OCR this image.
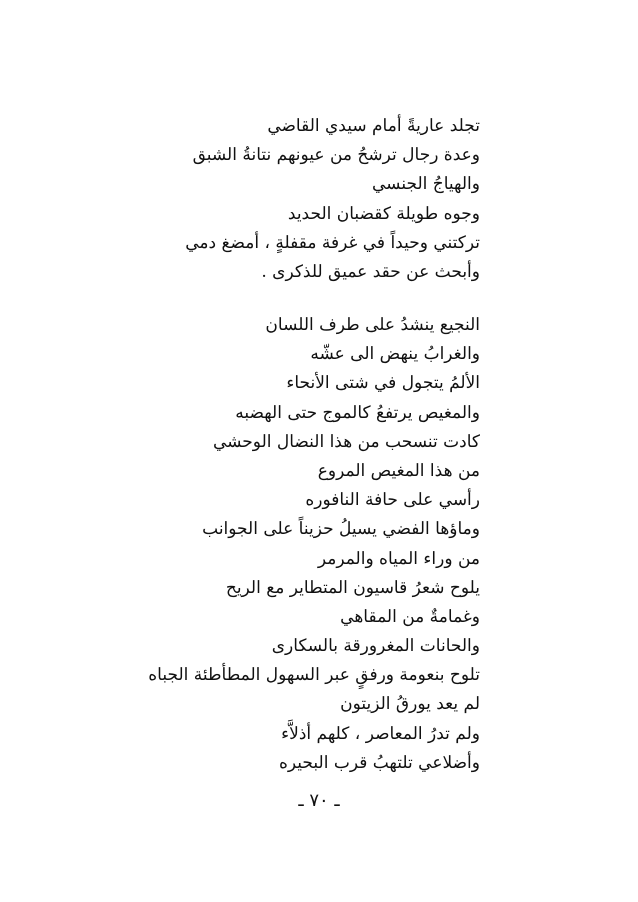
تجلد عاريةً أمام سيدي القاضي
وعدة رجال ترشحُ من عيونهم نتانةُ الشبق
والهياجُ الجنسي
وجوه طويلة كقضبان الحديد
تركتني وحيداً في غرفة مقفلةٍ ، أمضغ دمي
وأبحث عن حقد عميق للذكرى .
النجيع ينشدُ على طرف اللسان
والغرابُ ينهض الى عشّه
الألمُ يتجول في شتى الأنحاء
والمغيص يرتفعُ كالموج حتى الهضبه
كادت تنسحب من هذا النضال الوحشي
من هذا المغيص المروع
رأسي على حافة النافوره
وماؤها الفضي يسيلُ حزيناً على الجوانب
من وراء المياه والمرمر
يلوح شعرُ قاسيون المتطاير مع الريح
وغمامةٌ من المقاهي
والحانات المغرورقة بالسكارى
تلوح بنعومة ورفقٍ عبر السهول المطأطئة الجباه
لم يعد يورقُ الزيتون
ولم تدرُ المعاصر ، كلهم أذلاَّء
وأضلاعي تلتهبُ قرب البحيره
ـ ٧٠ ـ
